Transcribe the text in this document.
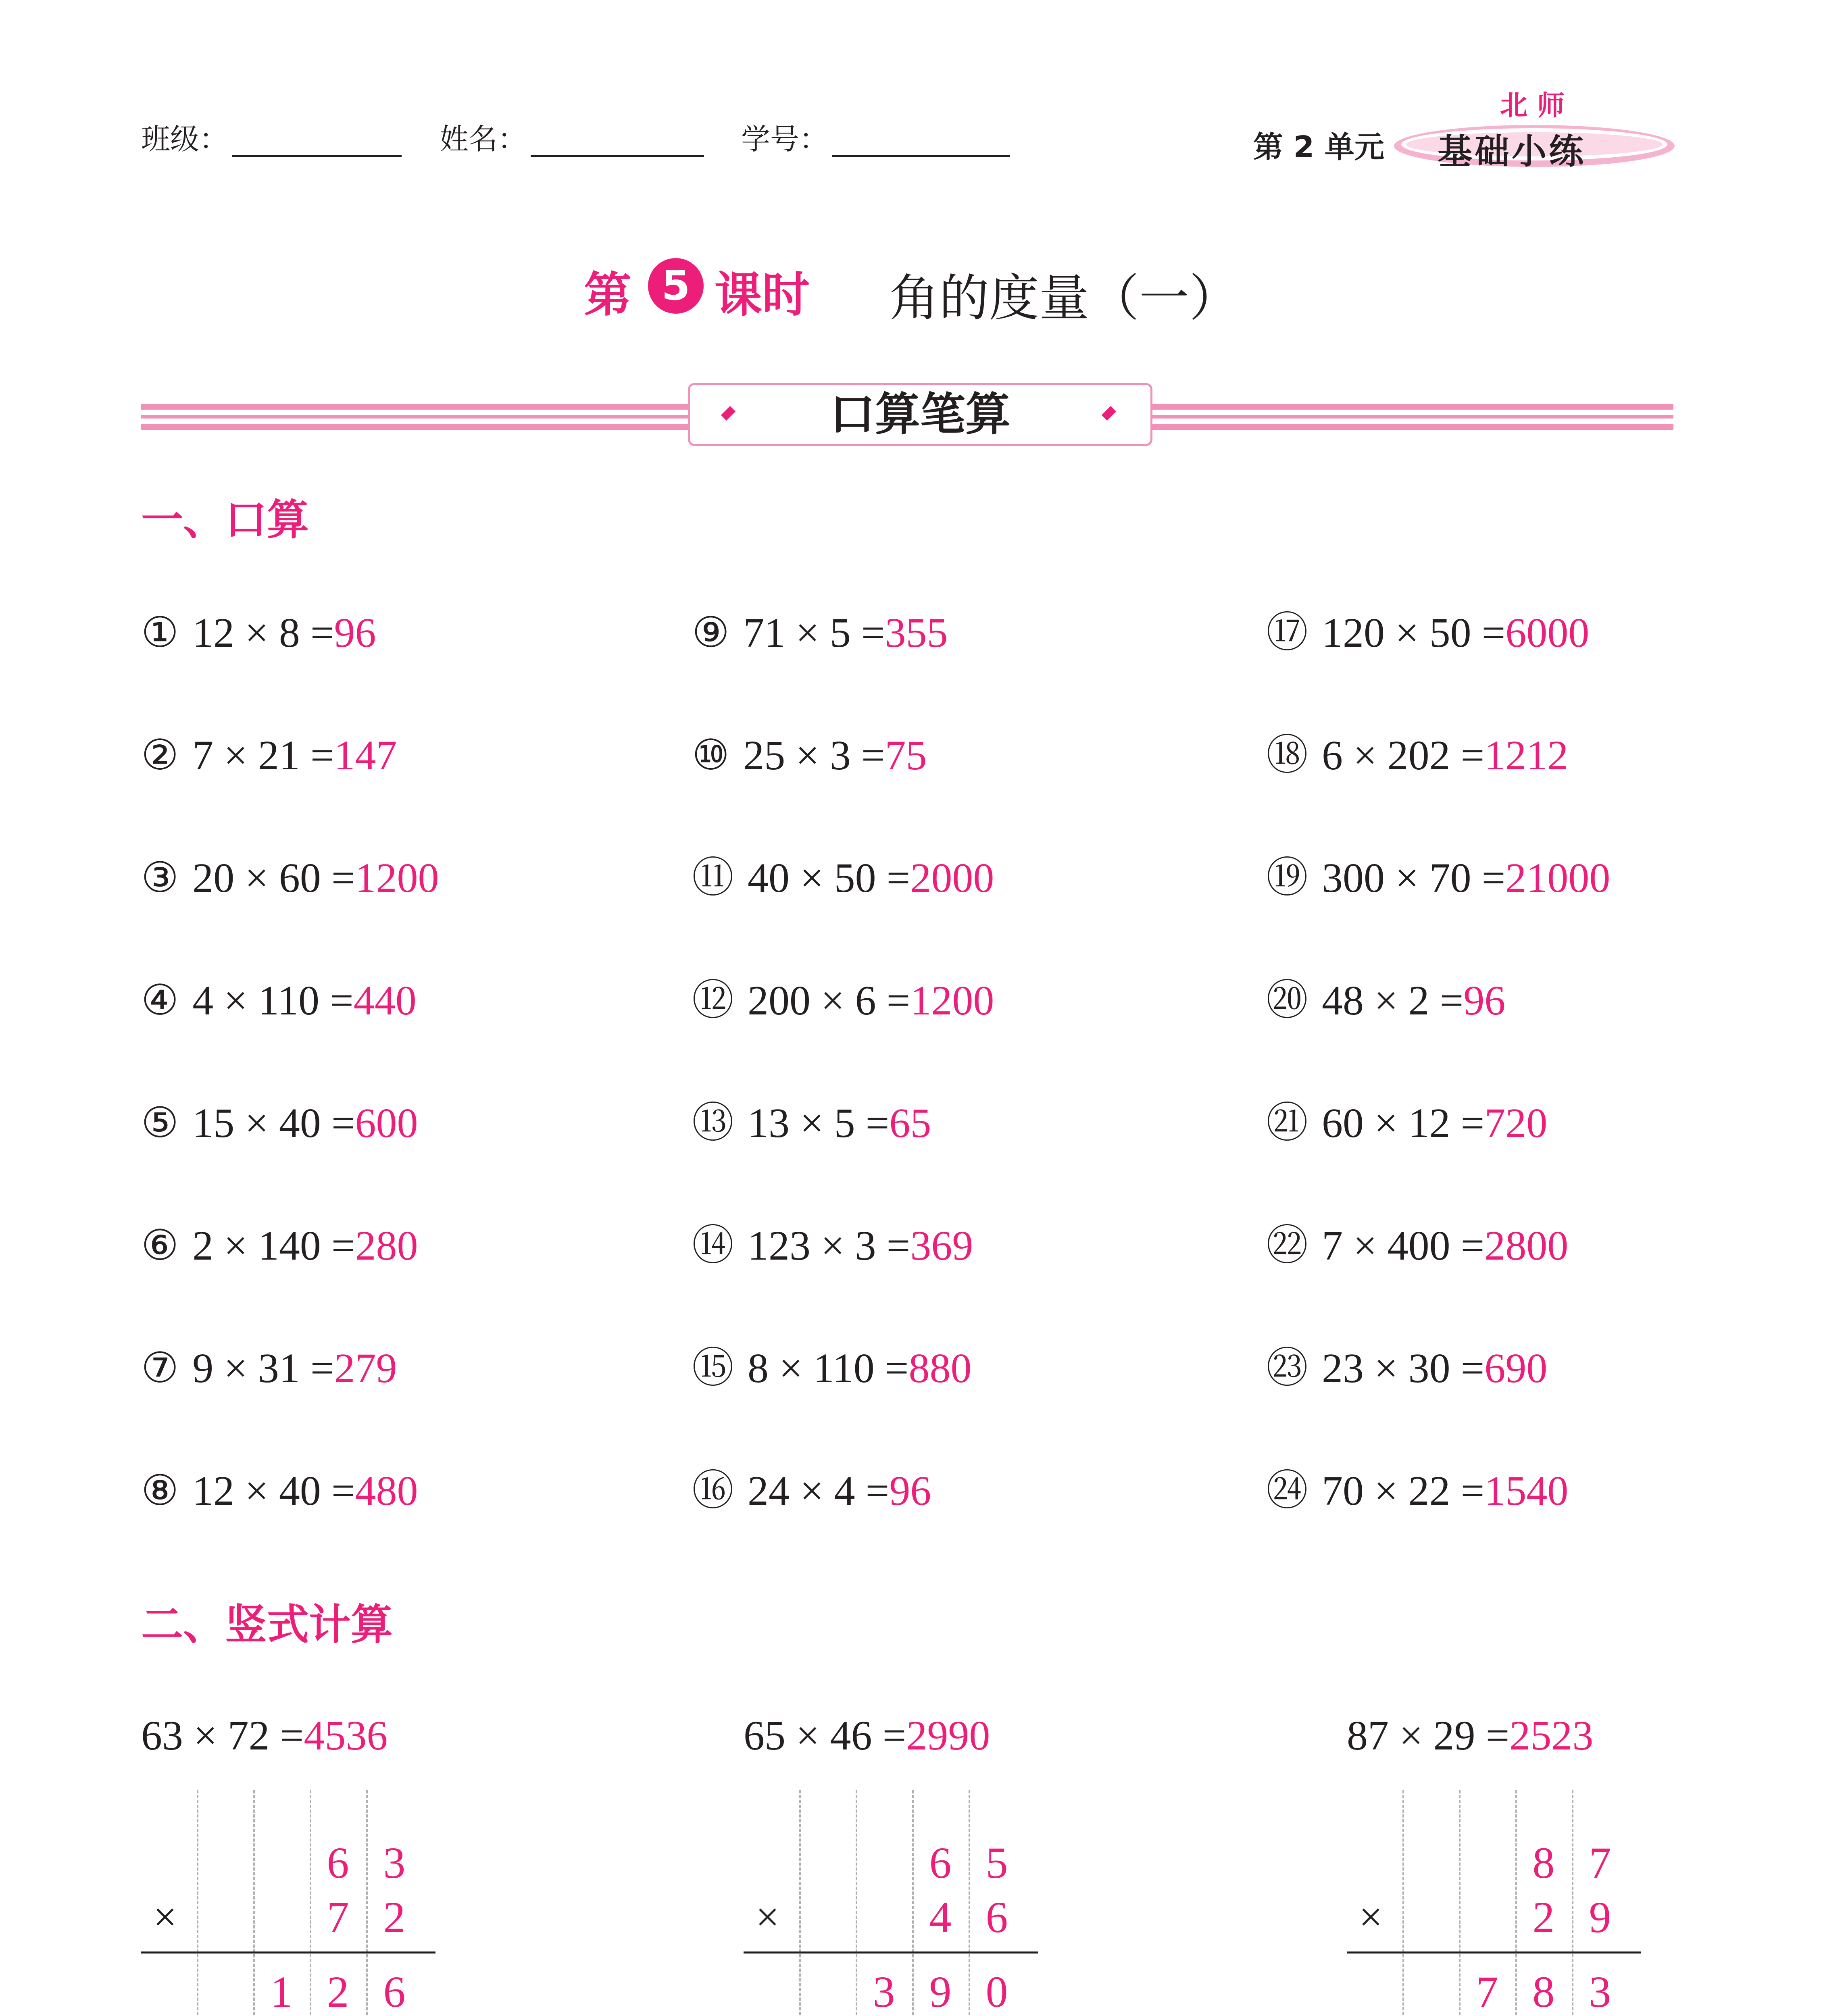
班级：	姓名：	学号：	第 2 单元
北师
基础小练
第 5 课时 角的度量（一）
口算笔算
一、口算
① 12 × 8 =96
② 7 × 21 =147
③ 20 × 60 =1200
④ 4 × 110 =440
⑤ 15 × 40 =600
⑥ 2 × 140 =280
⑦ 9 × 31 =279
⑧ 12 × 40 =480
⑨ 71 × 5 =355
⑩ 25 × 3 =75
⑪ 40 × 50 =2000
⑫ 200 × 6 =1200
⑬ 13 × 5 =65
⑭ 123 × 3 =369
⑮ 8 × 110 =880
⑯ 24 × 4 =96
⑰ 120 × 50 =6000
⑱ 6 × 202 =1212
⑲ 300 × 70 =21000
⑳ 48 × 2 =96
㉑ 60 × 12 =720
㉒ 7 × 400 =2800
㉓ 23 × 30 =690
㉔ 70 × 22 =1540
二、竖式计算
63 × 72 =4536
×
6 3
7 2
1 2 6
65 × 46 =2990
×
6 5
4 6
3 9 0
87 × 29 =2523
×
8 7
2 9
7 8 3
